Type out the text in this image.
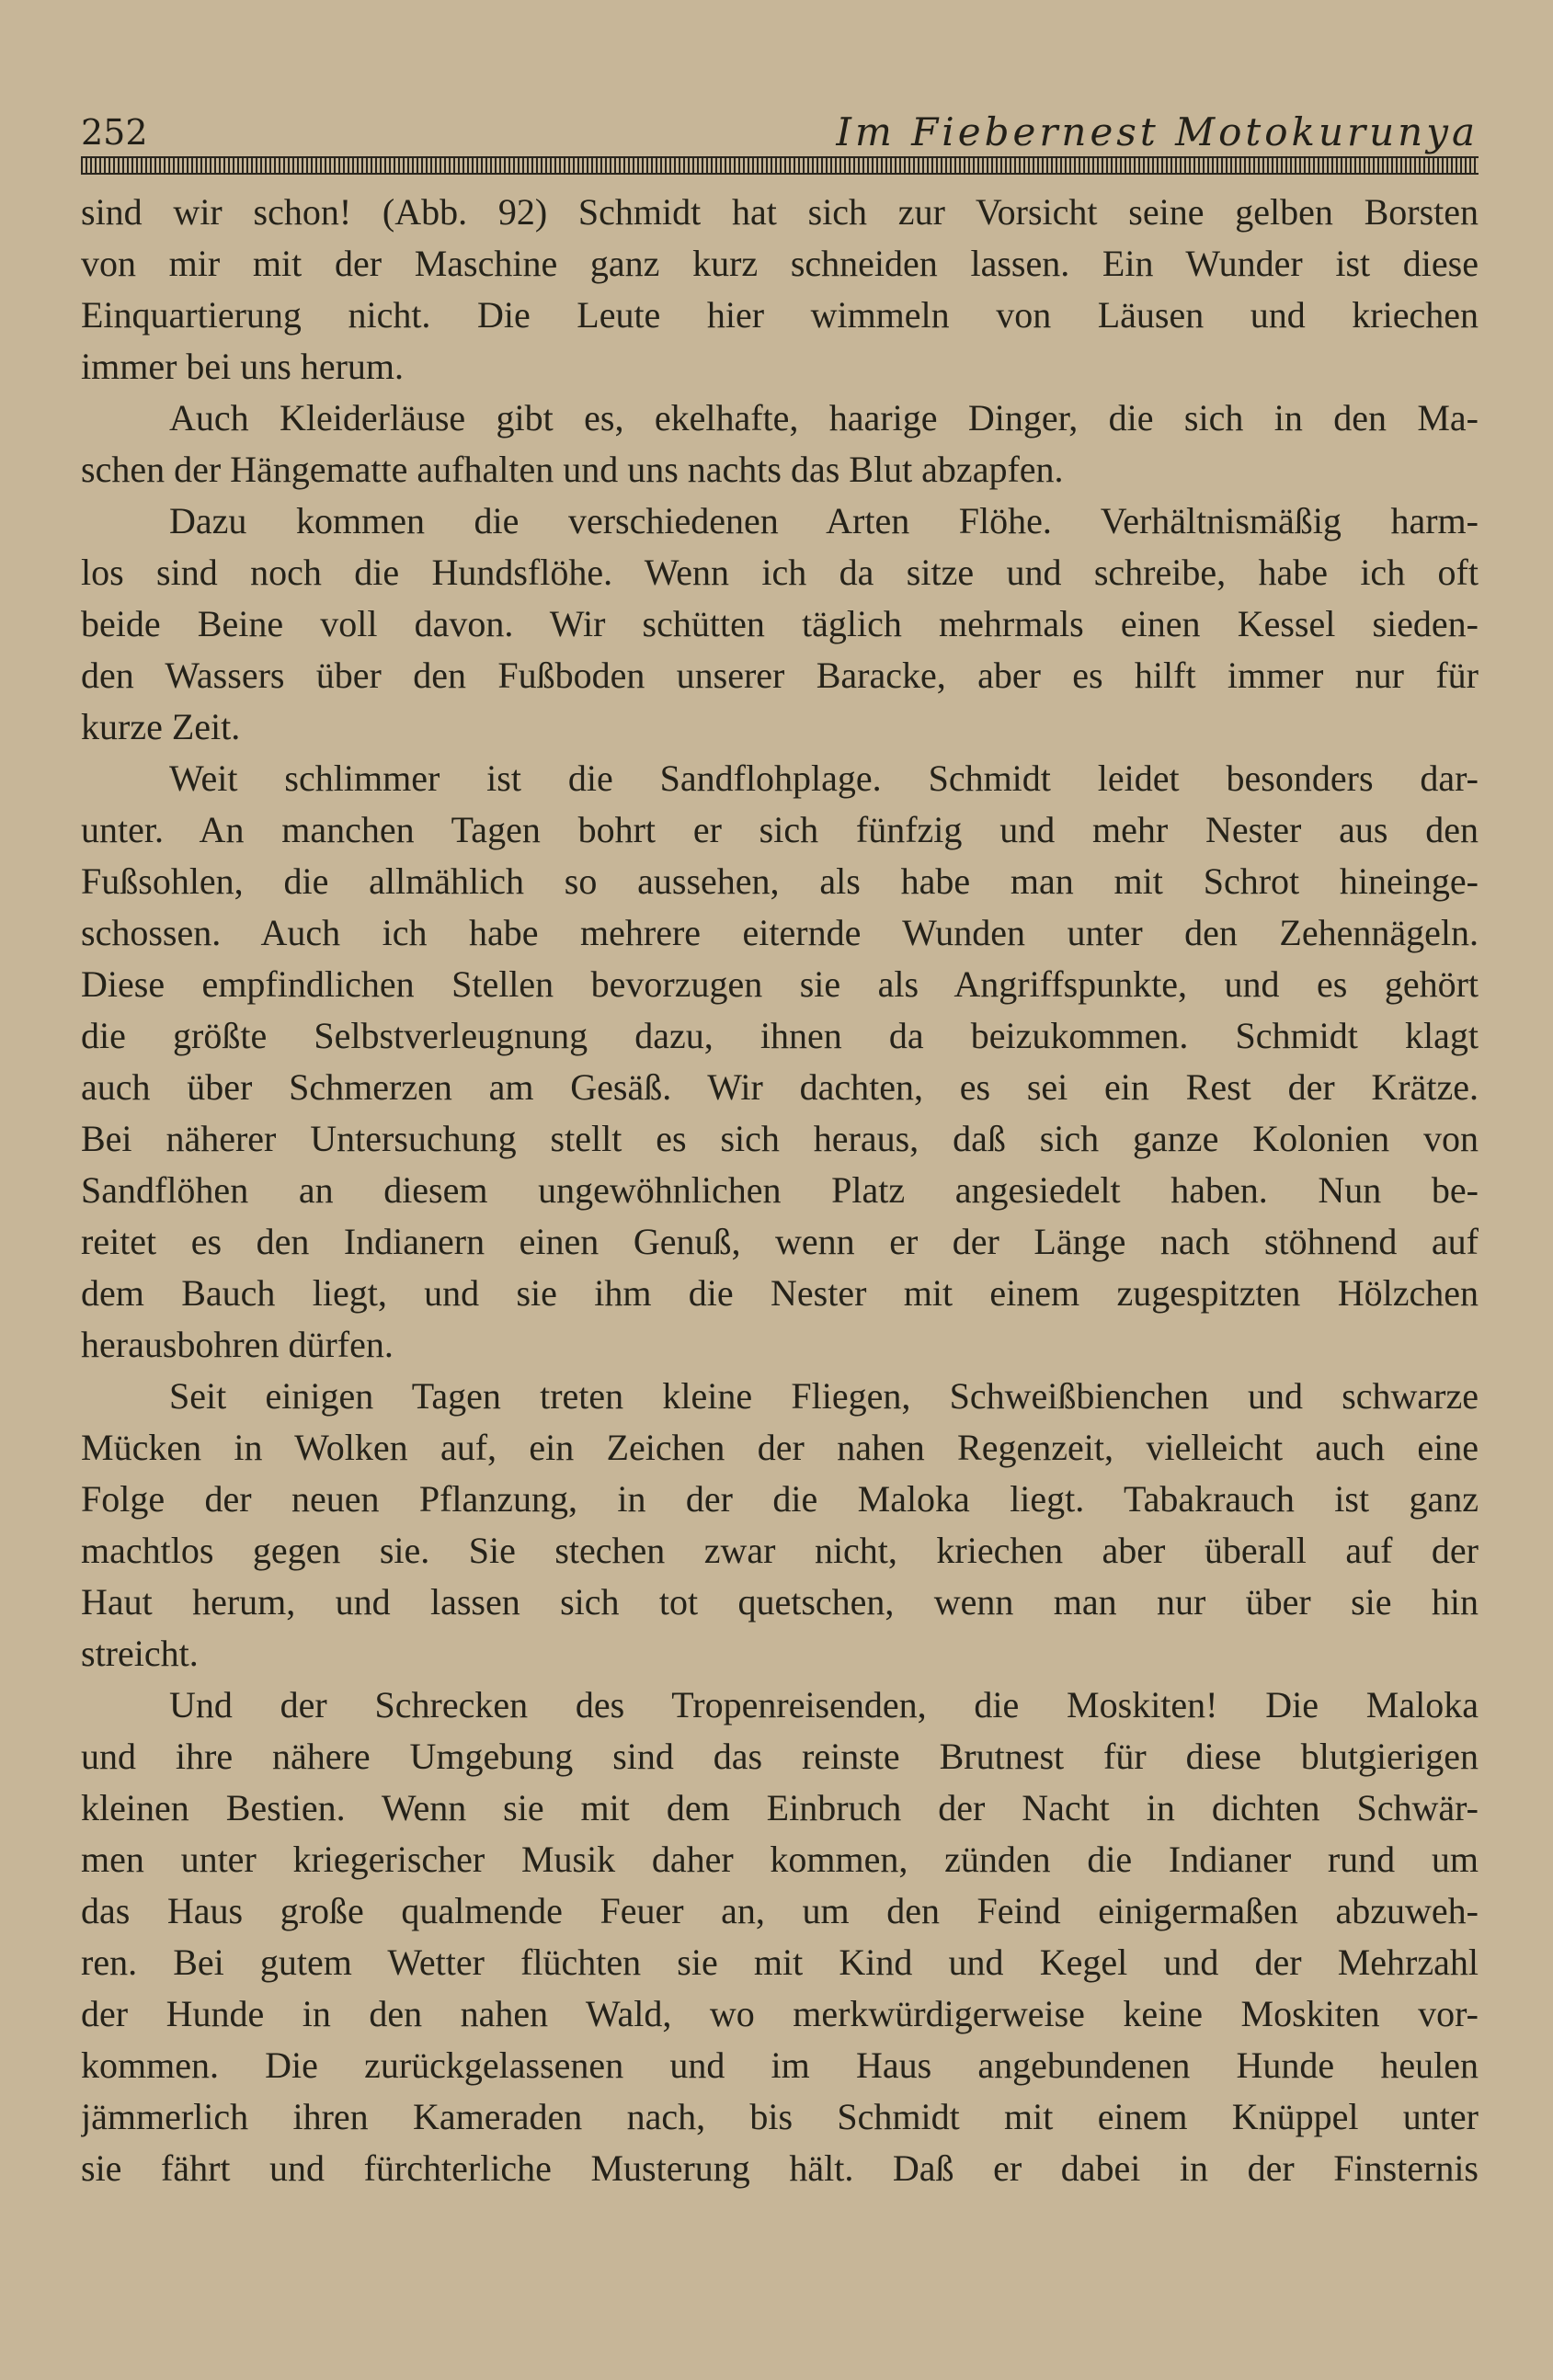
252	Im Fiebernest Motokurunya
sind wir schon! (Abb. 92) Schmidt hat sich zur Vorsicht seine gelben Borsten
von mir mit der Maschine ganz kurz schneiden lassen. Ein Wunder ist diese
Einquartierung nicht. Die Leute hier wimmeln von Läusen und kriechen
immer bei uns herum.
Auch Kleiderläuse gibt es, ekelhafte, haarige Dinger, die sich in den Ma-
schen der Hängematte aufhalten und uns nachts das Blut abzapfen.
Dazu kommen die verschiedenen Arten Flöhe. Verhältnismäßig harm-
los sind noch die Hundsflöhe. Wenn ich da sitze und schreibe, habe ich oft
beide Beine voll davon. Wir schütten täglich mehrmals einen Kessel sieden-
den Wassers über den Fußboden unserer Baracke, aber es hilft immer nur für
kurze Zeit.
Weit schlimmer ist die Sandflohplage. Schmidt leidet besonders dar-
unter. An manchen Tagen bohrt er sich fünfzig und mehr Nester aus den
Fußsohlen, die allmählich so aussehen, als habe man mit Schrot hineinge-
schossen. Auch ich habe mehrere eiternde Wunden unter den Zehennägeln.
Diese empfindlichen Stellen bevorzugen sie als Angriffspunkte, und es gehört
die größte Selbstverleugnung dazu, ihnen da beizukommen. Schmidt klagt
auch über Schmerzen am Gesäß. Wir dachten, es sei ein Rest der Krätze.
Bei näherer Untersuchung stellt es sich heraus, daß sich ganze Kolonien von
Sandflöhen an diesem ungewöhnlichen Platz angesiedelt haben. Nun be-
reitet es den Indianern einen Genuß, wenn er der Länge nach stöhnend auf
dem Bauch liegt, und sie ihm die Nester mit einem zugespitzten Hölzchen
herausbohren dürfen.
Seit einigen Tagen treten kleine Fliegen, Schweißbienchen und schwarze
Mücken in Wolken auf, ein Zeichen der nahen Regenzeit, vielleicht auch eine
Folge der neuen Pflanzung, in der die Maloka liegt. Tabakrauch ist ganz
machtlos gegen sie. Sie stechen zwar nicht, kriechen aber überall auf der
Haut herum, und lassen sich tot quetschen, wenn man nur über sie hin
streicht.
Und der Schrecken des Tropenreisenden, die Moskiten! Die Maloka
und ihre nähere Umgebung sind das reinste Brutnest für diese blutgierigen
kleinen Bestien. Wenn sie mit dem Einbruch der Nacht in dichten Schwär-
men unter kriegerischer Musik daher kommen, zünden die Indianer rund um
das Haus große qualmende Feuer an, um den Feind einigermaßen abzuweh-
ren. Bei gutem Wetter flüchten sie mit Kind und Kegel und der Mehrzahl
der Hunde in den nahen Wald, wo merkwürdigerweise keine Moskiten vor-
kommen. Die zurückgelassenen und im Haus angebundenen Hunde heulen
jämmerlich ihren Kameraden nach, bis Schmidt mit einem Knüppel unter
sie fährt und fürchterliche Musterung hält. Daß er dabei in der Finsternis
